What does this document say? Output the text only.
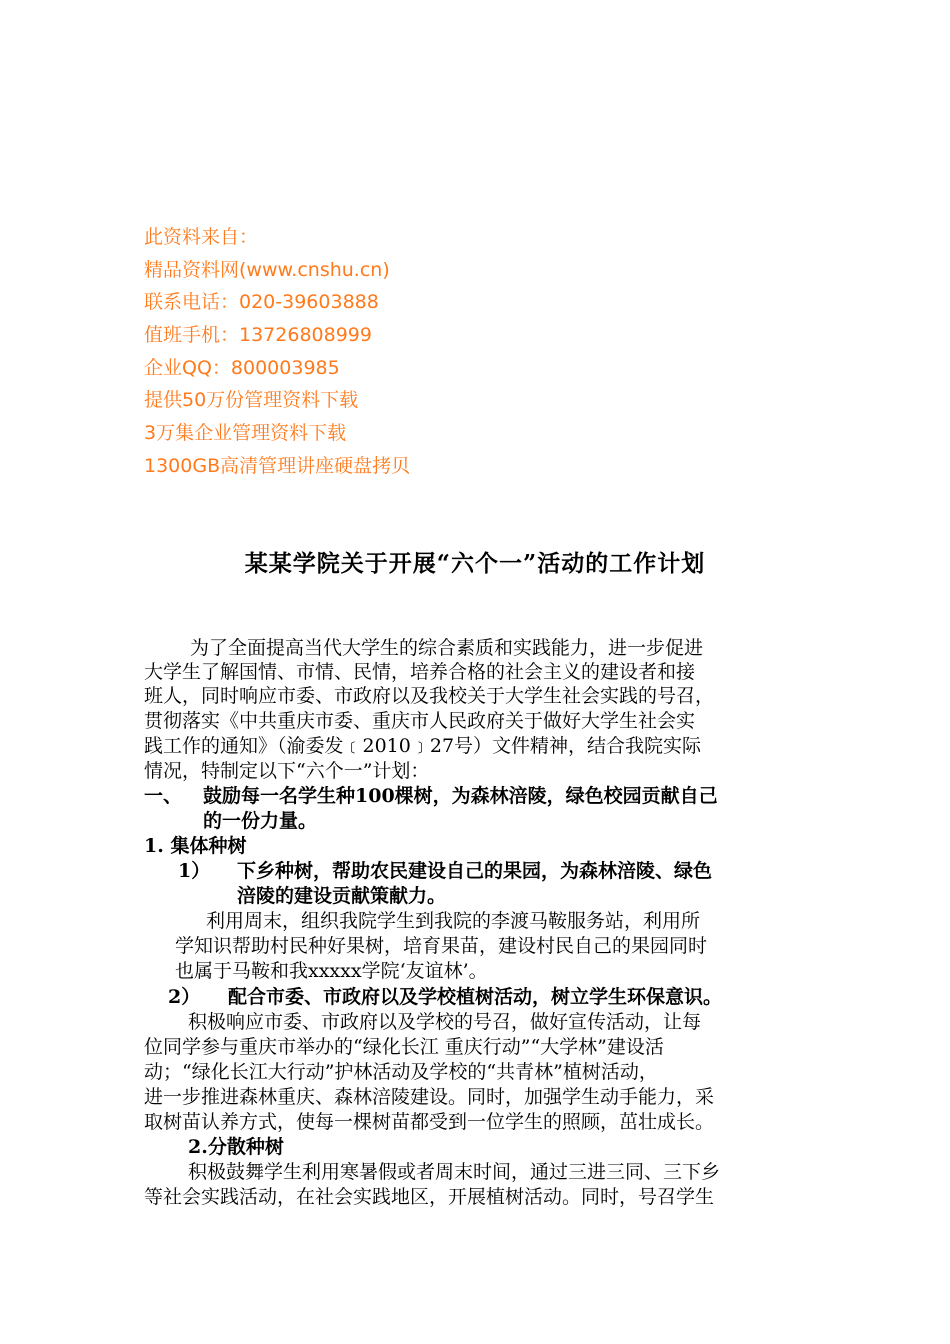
此资料来自：
精品资料网(www.cnshu.cn)
联系电话：020-39603888
值班手机：13726808999
企业QQ：800003985
提供50万份管理资料下载
3万集企业管理资料下载
1300GB高清管理讲座硬盘拷贝
某某学院关于开展“六个一”活动的工作计划
为了全面提高当代大学生的综合素质和实践能力，进一步促进
大学生了解国情、市情、民情，培养合格的社会主义的建设者和接
班人，同时响应市委、市政府以及我校关于大学生社会实践的号召，
贯彻落实《中共重庆市委、重庆市人民政府关于做好大学生社会实
践工作的通知》（渝委发﹝2010﹞27号）文件精神，结合我院实际
情况，特制定以下“六个一”计划：
一、 鼓励每一名学生种100棵树，为森林涪陵，绿色校园贡献自己
的一份力量。
1. 集体种树
1） 下乡种树，帮助农民建设自己的果园，为森林涪陵、绿色
涪陵的建设贡献策献力。
利用周末，组织我院学生到我院的李渡马鞍服务站，利用所
学知识帮助村民种好果树，培育果苗，建设村民自己的果园同时
也属于马鞍和我xxxxx学院‘友谊林’。
2） 配合市委、市政府以及学校植树活动，树立学生环保意识。
积极响应市委、市政府以及学校的号召，做好宣传活动，让每
位同学参与重庆市举办的“绿化长江 重庆行动”“大学林”建设活
动；“绿化长江大行动”护林活动及学校的“共青林”植树活动，
进一步推进森林重庆、森林涪陵建设。同时，加强学生动手能力，采
取树苗认养方式，使每一棵树苗都受到一位学生的照顾，茁壮成长。
2.分散种树
积极鼓舞学生利用寒暑假或者周末时间，通过三进三同、三下乡
等社会实践活动，在社会实践地区，开展植树活动。同时，号召学生
